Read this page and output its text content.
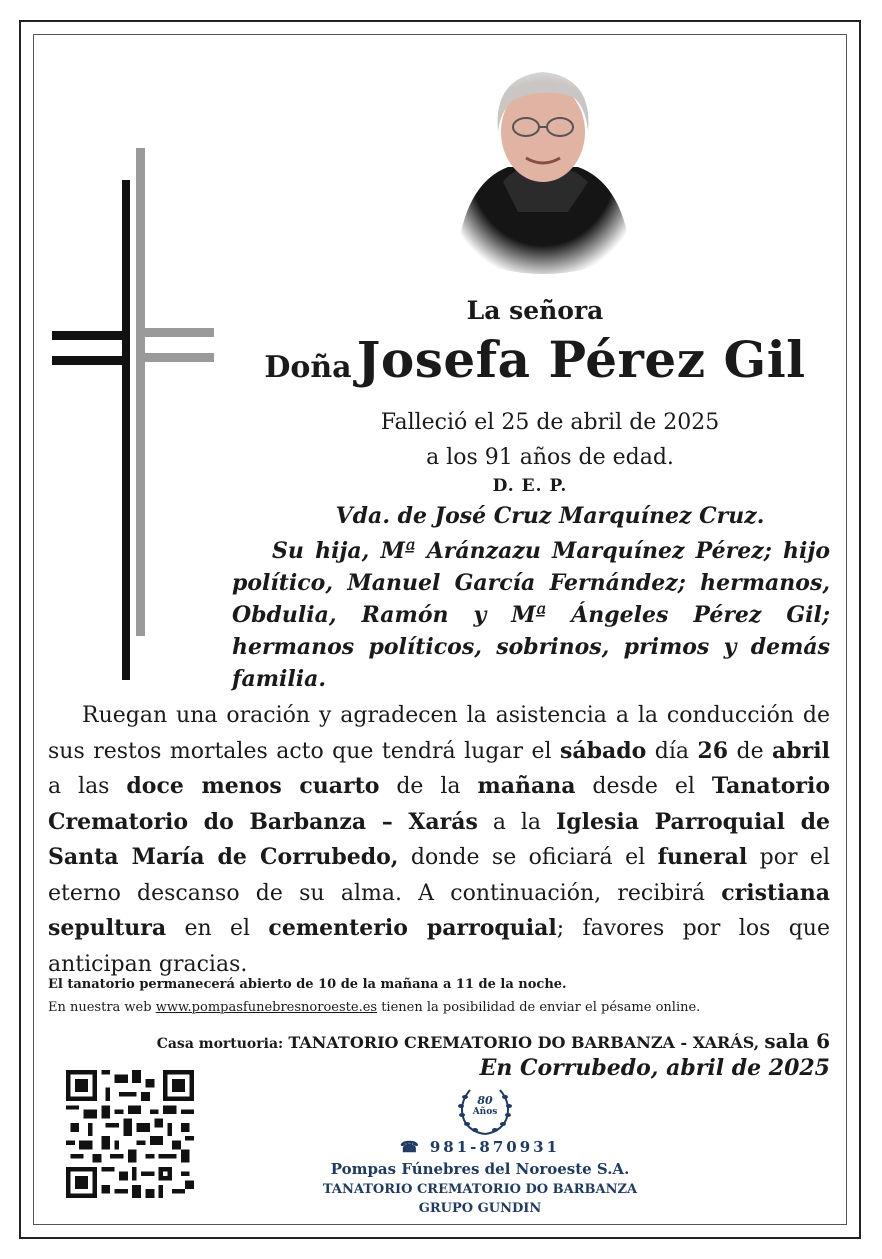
La señora
Doña Josefa Pérez Gil
Falleció el 25 de abril de 2025
a los 91 años de edad.
D. E. P.
Vda. de José Cruz Marquínez Cruz.
Su hija, Mª Aránzazu Marquínez Pérez; hijo político, Manuel García Fernández; hermanos, Obdulia, Ramón y Mª Ángeles Pérez Gil; hermanos políticos, sobrinos, primos y demás familia.
Ruegan una oración y agradecen la asistencia a la conducción de sus restos mortales acto que tendrá lugar el sábado día 26 de abril a las doce menos cuarto de la mañana desde el Tanatorio Crematorio do Barbanza – Xarás a la Iglesia Parroquial de Santa María de Corrubedo, donde se oficiará el funeral por el eterno descanso de su alma. A continuación, recibirá cristiana sepultura en el cementerio parroquial; favores por los que anticipan gracias.
El tanatorio permanecerá abierto de 10 de la mañana a 11 de la noche.
En nuestra web www.pompasfunebresnoroeste.es tienen la posibilidad de enviar el pésame online.
Casa mortuoria: TANATORIO CREMATORIO DO BARBANZA - XARÁS, sala 6
En Corrubedo, abril de 2025
80
Años
☎ 981-870931
Pompas Fúnebres del Noroeste S.A.
TANATORIO CREMATORIO DO BARBANZA
GRUPO GUNDIN
